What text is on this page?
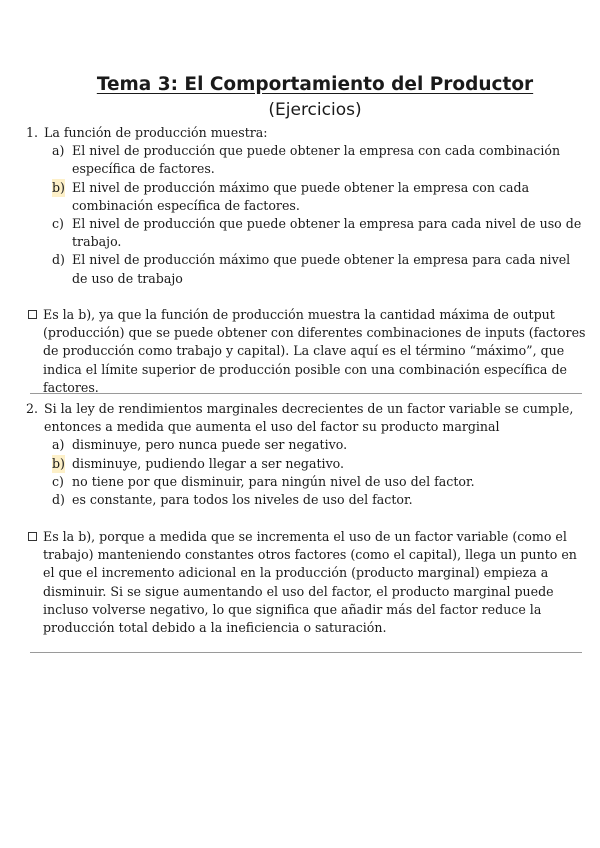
Tema 3: El Comportamiento del Productor
(Ejercicios)
1. La función de producción muestra:
a) El nivel de producción que puede obtener la empresa con cada combinación específica de factores.
b) El nivel de producción máximo que puede obtener la empresa con cada combinación específica de factores.
c) El nivel de producción que puede obtener la empresa para cada nivel de uso de trabajo.
d) El nivel de producción máximo que puede obtener la empresa para cada nivel de uso de trabajo
Es la b), ya que la función de producción muestra la cantidad máxima de output (producción) que se puede obtener con diferentes combinaciones de inputs (factores de producción como trabajo y capital). La clave aquí es el término “máximo”, que indica el límite superior de producción posible con una combinación específica de factores.
2. Si la ley de rendimientos marginales decrecientes de un factor variable se cumple, entonces a medida que aumenta el uso del factor su producto marginal
a) disminuye, pero nunca puede ser negativo.
b) disminuye, pudiendo llegar a ser negativo.
c) no tiene por que disminuir, para ningún nivel de uso del factor.
d) es constante, para todos los niveles de uso del factor.
Es la b), porque a medida que se incrementa el uso de un factor variable (como el trabajo) manteniendo constantes otros factores (como el capital), llega un punto en el que el incremento adicional en la producción (producto marginal) empieza a disminuir. Si se sigue aumentando el uso del factor, el producto marginal puede incluso volverse negativo, lo que significa que añadir más del factor reduce la producción total debido a la ineficiencia o saturación.
